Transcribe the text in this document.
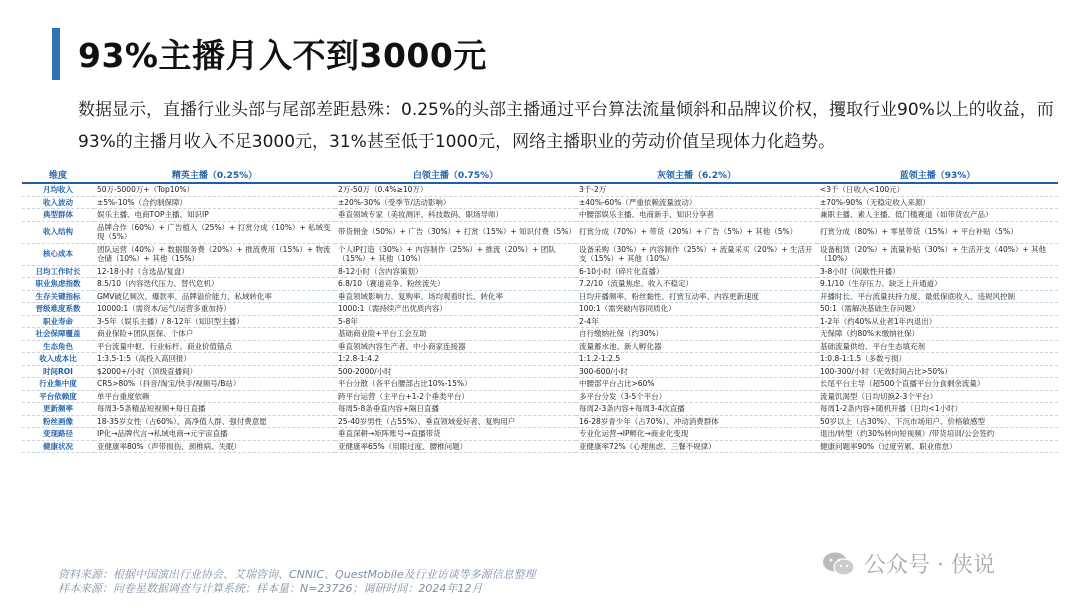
93%主播月入不到3000元
数据显示，直播行业头部与尾部差距悬殊：0.25%的头部主播通过平台算法流量倾斜和品牌议价权，攫取行业90%以上的收益，而93%的主播月收入不足3000元，31%甚至低于1000元，网络主播职业的劳动价值呈现体力化趋势。
维度	精英主播（0.25%）	白领主播（0.75%）	灰领主播（6.2%）	蓝领主播（93%）
月均收入	50万-5000万+（Top10%）	2万-50万（0.4%≥10万）	3千-2万	<3千（日收入<100元）
收入波动	±5%-10%（合约制保障）	±20%-30%（受季节/活动影响）	±40%-60%（严重依赖流量波动）	±70%-90%（无稳定收入来源）
典型群体	娱乐主播、电商TOP主播、知识IP	垂直领域专家（美妆测评、科技数码、职场导师）	中腰部娱乐主播、电商新手、知识分享者	兼职主播、素人主播、低门槛赛道（如带货农产品）
收入结构	品牌合作（60%）+ 广告植入（25%）+ 打赏分成（10%）+ 私域变现（5%）	带货佣金（50%）+ 广告（30%）+ 打赏（15%）+ 知识付费（5%）	打赏分成（70%）+ 带货（20%）+ 广告（5%）+ 其他（5%）	打赏分成（80%）+ 零星带货（15%）+ 平台补贴（5%）
核心成本	团队运营（40%）+ 数据服务费（20%）+ 推流费用（15%）+ 物流仓储（10%）+ 其他（15%）	个人IP打造（30%）+ 内容制作（25%）+ 推流（20%）+ 团队（15%）+ 其他（10%）	设备采购（30%）+ 内容制作（25%）+ 流量采买（20%）+ 生活开支（15%）+ 其他（10%）	设备租赁（20%）+ 流量补贴（30%）+ 生活开支（40%）+ 其他（10%）
日均工作时长	12-18小时（含选品/复盘）	8-12小时（含内容策划）	6-10小时（碎片化直播）	3-8小时（间歇性开播）
职业焦虑指数	8.5/10（内容迭代压力、替代危机）	6.8/10（赛道竞争、粉丝流失）	7.2/10（流量焦虑、收入不稳定）	9.1/10（生存压力、缺乏上升通道）
生存关键指标	GMV破亿频次、爆款率、品牌溢价能力、私域转化率	垂直领域影响力、复购率、场均观看时长、转化率	日均开播频率、粉丝黏性、打赏互动率、内容更新速度	开播时长、平台流量扶持力度、最低保底收入、违规风控制
晋级难度系数	10000:1（需资本/运气/运营多重加持）	1000:1（需持续产出优质内容）	100:1（需突破内容同质化）	50:1（需解决基础生存问题）
职业寿命	3-5年（娱乐主播）/ 8-12年（知识型主播）	5-8年	2-4年	1-2年（约40%从业者1年内退出）
社会保障覆盖	商业保险+团队医保、个体户	基础商业险+平台工会互助	自行缴纳社保（约30%）	无保障（约80%未缴纳社保）
生态角色	平台流量中枢、行业标杆、商业价值锚点	垂直领域内容生产者、中小商家连接器	流量蓄水池、新人孵化器	基础流量供给、平台生态填充剂
收入成本比	1:3.5-1:5（高投入高回报）	1:2.8-1:4.2	1:1.2-1:2.5	1:0.8-1:1.5（多数亏损）
时间ROI	$2000+/小时（顶级直播间）	500-2000/小时	300-600/小时	100-300/小时（无效时间占比>50%）
行业集中度	CR5>80%（抖音/淘宝/快手/视频号/B站）	平台分散（各平台腰部占比10%-15%）	中腰部平台占比>60%	长尾平台主导（超500个直播平台分食剩余流量）
平台依赖度	单平台重度依赖	跨平台运营（主平台+1-2个垂类平台）	多平台分发（3-5个平台）	流量饥渴型（日均切换2-3个平台）
更新频率	每周3-5条精品短视频+每日直播	每周5-8条垂直内容+隔日直播	每周2-3条内容+每周3-4次直播	每周1-2条内容+随机开播（日均<1小时）
粉丝画像	18-35岁女性（占60%）、高净值人群、强付费意愿	25-40岁男性（占55%）、垂直领域爱好者、复购用户	16-28岁青少年（占70%）、冲动消费群体	50岁以上（占30%）、下沉市场用户、价格敏感型
变现路径	IP化→品牌代言→私域电商→元宇宙直播	垂直深耕→矩阵账号→直播带货	专业化运营→IP孵化→商业化变现	退出/转型（约30%转向短视频）/带货培训/公会签约
健康状况	亚健康率80%（声带损伤、颈椎病、失眠）	亚健康率65%（用眼过度、腰椎问题）	亚健康率72%（心理焦虑、三餐不规律）	健康问题率90%（过度劳累、职业倦怠）
资料来源：根据中国演出行业协会、艾瑞咨询、CNNIC、QuestMobile及行业访谈等多源信息整理
样本来源：问卷星数据调查与计算系统；样本量：N=23726；调研时间：2024年12月
公众号 · 侠说
